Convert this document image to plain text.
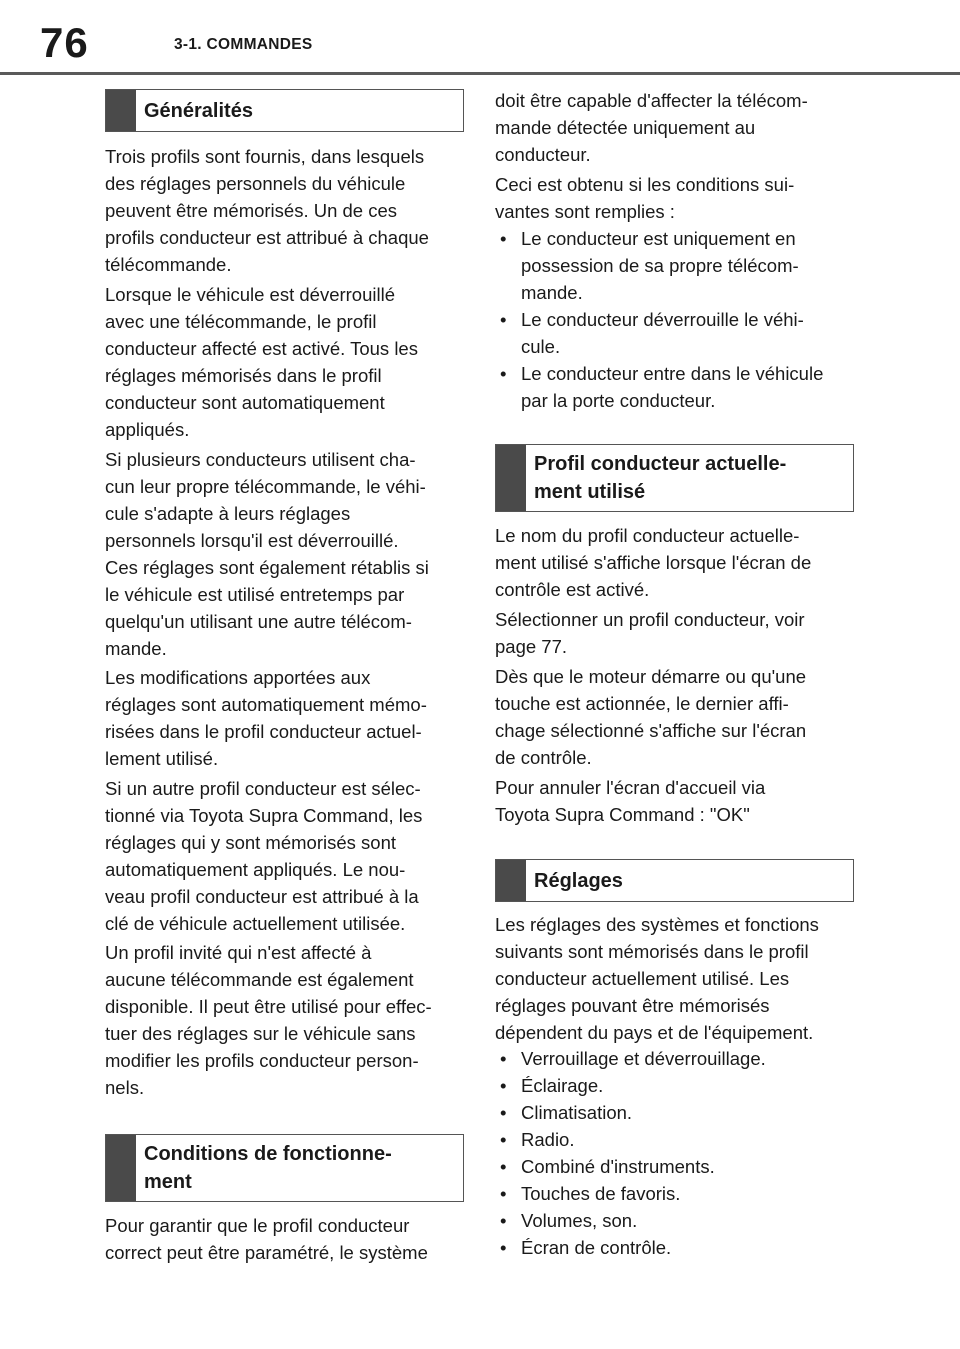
76	3-1. COMMANDES
Généralités
Trois profils sont fournis, dans lesquels
des réglages personnels du véhicule
peuvent être mémorisés. Un de ces
profils conducteur est attribué à chaque
télécommande.
Lorsque le véhicule est déverrouillé
avec une télécommande, le profil
conducteur affecté est activé. Tous les
réglages mémorisés dans le profil
conducteur sont automatiquement
appliqués.
Si plusieurs conducteurs utilisent cha-
cun leur propre télécommande, le véhi-
cule s'adapte à leurs réglages
personnels lorsqu'il est déverrouillé.
Ces réglages sont également rétablis si
le véhicule est utilisé entretemps par
quelqu'un utilisant une autre télécom-
mande.
Les modifications apportées aux
réglages sont automatiquement mémo-
risées dans le profil conducteur actuel-
lement utilisé.
Si un autre profil conducteur est sélec-
tionné via Toyota Supra Command, les
réglages qui y sont mémorisés sont
automatiquement appliqués. Le nou-
veau profil conducteur est attribué à la
clé de véhicule actuellement utilisée.
Un profil invité qui n'est affecté à
aucune télécommande est également
disponible. Il peut être utilisé pour effec-
tuer des réglages sur le véhicule sans
modifier les profils conducteur person-
nels.
Conditions de fonctionne-
ment
Pour garantir que le profil conducteur
correct peut être paramétré, le système
doit être capable d'affecter la télécom-
mande détectée uniquement au
conducteur.
Ceci est obtenu si les conditions sui-
vantes sont remplies :
• Le conducteur est uniquement en
possession de sa propre télécom-
mande.
• Le conducteur déverrouille le véhi-
cule.
• Le conducteur entre dans le véhicule
par la porte conducteur.
Profil conducteur actuelle-
ment utilisé
Le nom du profil conducteur actuelle-
ment utilisé s'affiche lorsque l'écran de
contrôle est activé.
Sélectionner un profil conducteur, voir
page 77.
Dès que le moteur démarre ou qu'une
touche est actionnée, le dernier affi-
chage sélectionné s'affiche sur l'écran
de contrôle.
Pour annuler l'écran d'accueil via
Toyota Supra Command : "OK"
Réglages
Les réglages des systèmes et fonctions
suivants sont mémorisés dans le profil
conducteur actuellement utilisé. Les
réglages pouvant être mémorisés
dépendent du pays et de l'équipement.
• Verrouillage et déverrouillage.
• Éclairage.
• Climatisation.
• Radio.
• Combiné d'instruments.
• Touches de favoris.
• Volumes, son.
• Écran de contrôle.
